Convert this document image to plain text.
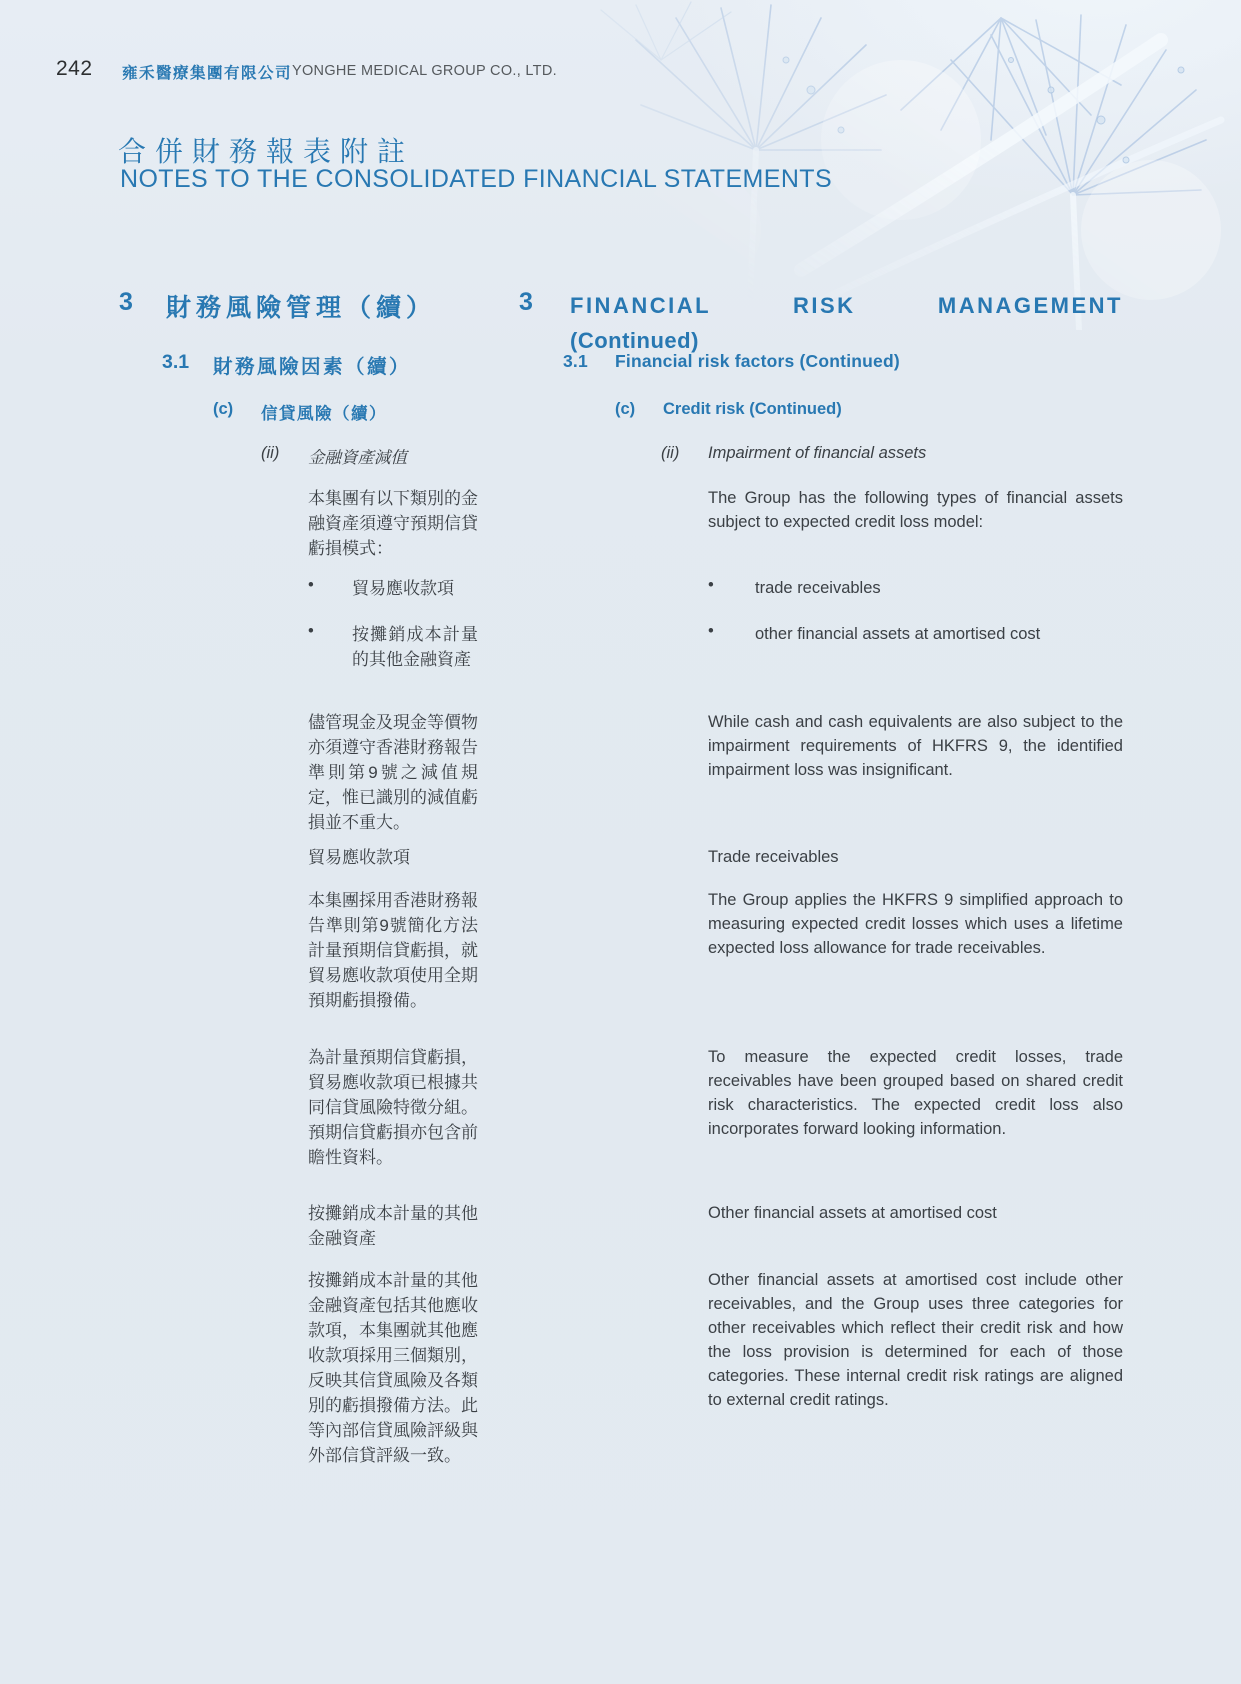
242 雍禾醫療集團有限公司 YONGHE MEDICAL GROUP CO., LTD.
合併財務報表附註
NOTES TO THE CONSOLIDATED FINANCIAL STATEMENTS
3 財務風險管理（續）	3 FINANCIAL RISK MANAGEMENT
(Continued)
3.1 財務風險因素（續）	3.1 Financial risk factors (Continued)
(c) 信貸風險（續）	(c) Credit risk (Continued)
(ii) 金融資產減值	(ii) Impairment of financial assets
本集團有以下類別的金融資產須遵守預期信貸虧損模式：
The Group has the following types of financial assets subject to expected credit loss model:
• 貿易應收款項	• trade receivables
• 按攤銷成本計量的其他金融資產
• other financial assets at amortised cost
儘管現金及現金等價物亦須遵守香港財務報告準則第9號之減值規定，惟已識別的減值虧損並不重大。
While cash and cash equivalents are also subject to the impairment requirements of HKFRS 9, the identified impairment loss was insignificant.
貿易應收款項	Trade receivables
本集團採用香港財務報告準則第9號簡化方法計量預期信貸虧損，就貿易應收款項使用全期預期虧損撥備。
The Group applies the HKFRS 9 simplified approach to measuring expected credit losses which uses a lifetime expected loss allowance for trade receivables.
為計量預期信貸虧損，貿易應收款項已根據共同信貸風險特徵分組。預期信貸虧損亦包含前瞻性資料。
To measure the expected credit losses, trade receivables have been grouped based on shared credit risk characteristics. The expected credit loss also incorporates forward looking information.
按攤銷成本計量的其他金融資產
Other financial assets at amortised cost
按攤銷成本計量的其他金融資產包括其他應收款項，本集團就其他應收款項採用三個類別，反映其信貸風險及各類別的虧損撥備方法。此等內部信貸風險評級與外部信貸評級一致。
Other financial assets at amortised cost include other receivables, and the Group uses three categories for other receivables which reflect their credit risk and how the loss provision is determined for each of those categories. These internal credit risk ratings are aligned to external credit ratings.
